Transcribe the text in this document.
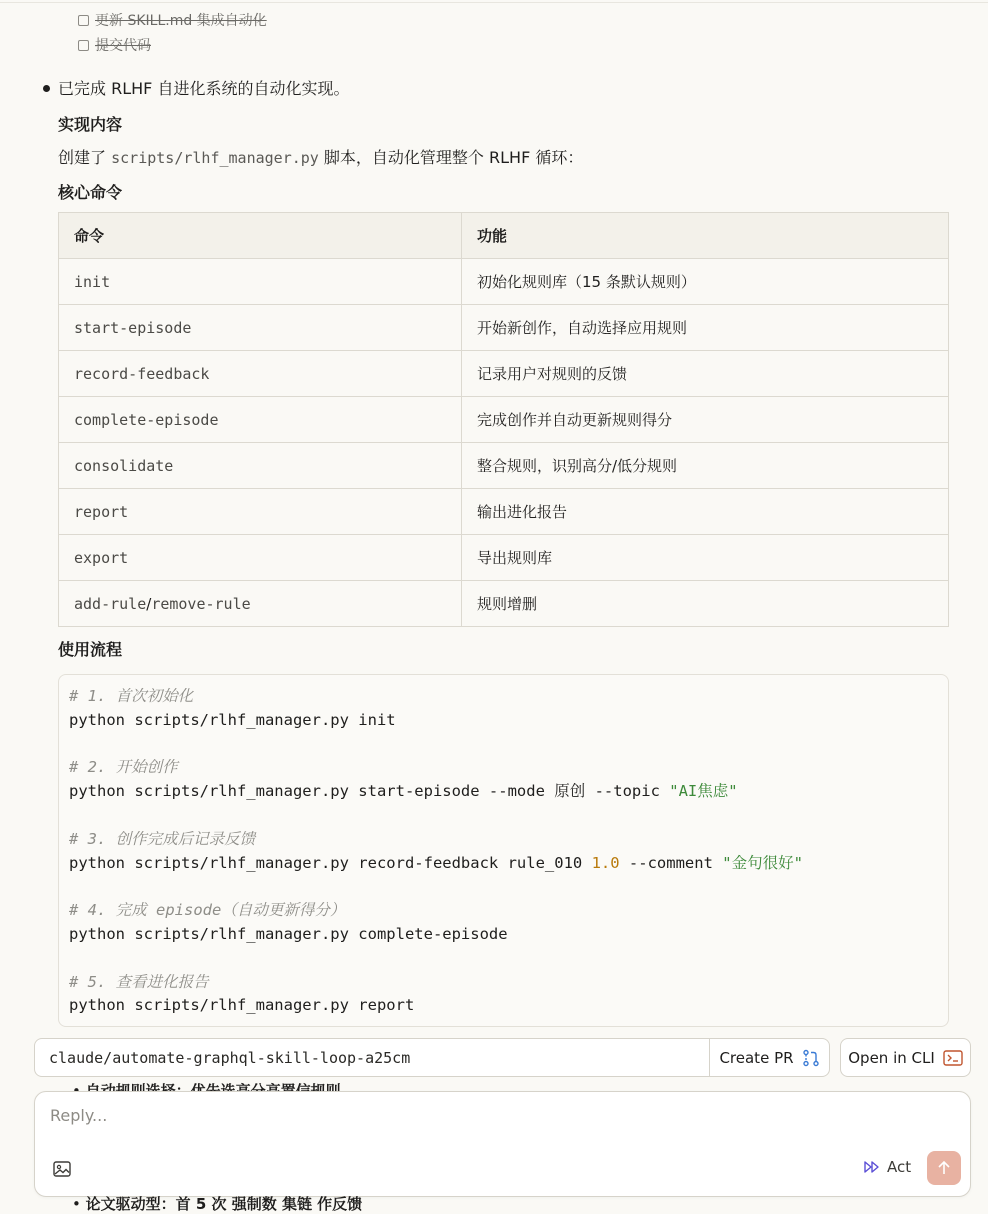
更新 SKILL.md 集成自动化
提交代码
已完成 RLHF 自进化系统的自动化实现。
实现内容
创建了 scripts/rlhf_manager.py 脚本，自动化管理整个 RLHF 循环：
核心命令
命令	功能
init	初始化规则库（15 条默认规则）
start-episode	开始新创作，自动选择应用规则
record-feedback	记录用户对规则的反馈
complete-episode	完成创作并自动更新规则得分
consolidate	整合规则，识别高分/低分规则
report	输出进化报告
export	导出规则库
add-rule/remove-rule	规则增删
使用流程
# 1. 首次初始化
python scripts/rlhf_manager.py init
# 2. 开始创作
python scripts/rlhf_manager.py start-episode --mode 原创 --topic "AI焦虑"
# 3. 创作完成后记录反馈
python scripts/rlhf_manager.py record-feedback rule_010 1.0 --comment "金句很好"
# 4. 完成 episode（自动更新得分）
python scripts/rlhf_manager.py complete-episode
# 5. 查看进化报告
python scripts/rlhf_manager.py report
claude/automate-graphql-skill-loop-a25cm	Create PR	Open in CLI
Reply...
Act
• 论文驱动型：首 5 次 强制数 集链 作反馈
